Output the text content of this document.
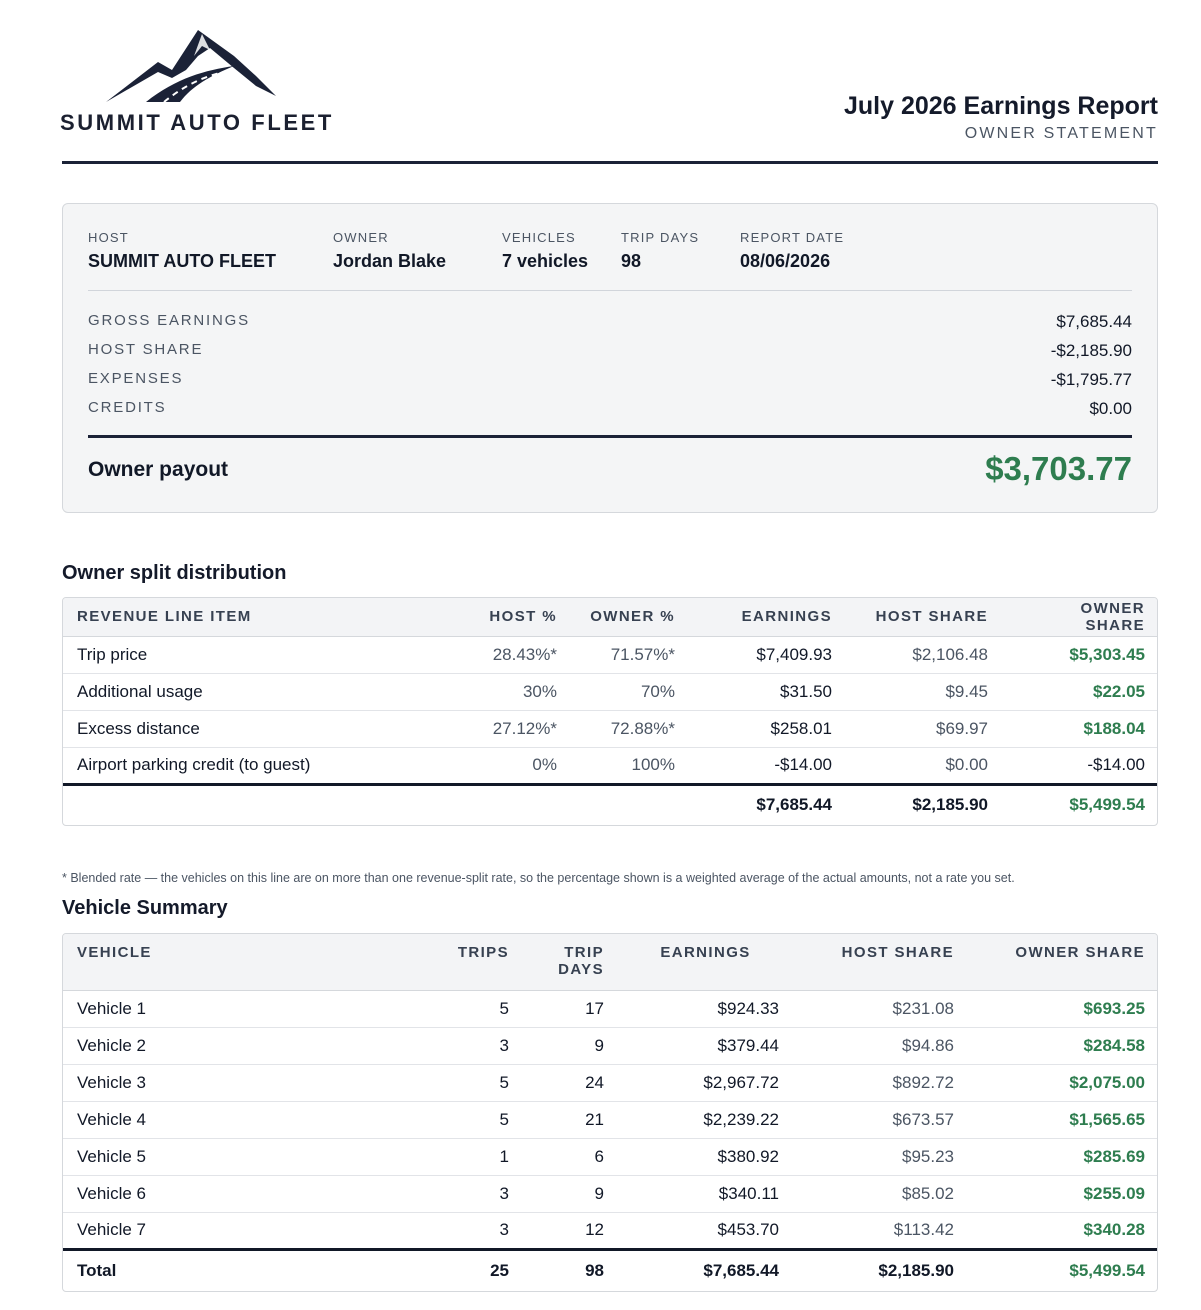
SUMMIT AUTO FLEET
July 2026 Earnings Report
OWNER STATEMENT
HOST
SUMMIT AUTO FLEET
OWNER
Jordan Blake
VEHICLES
7 vehicles
TRIP DAYS
98
REPORT DATE
08/06/2026
GROSS EARNINGS	$7,685.44
HOST SHARE	-$2,185.90
EXPENSES	-$1,795.77
CREDITS	$0.00
Owner payout	$3,703.77
Owner split distribution
REVENUE LINE ITEM	HOST %	OWNER %	EARNINGS	HOST SHARE	OWNER SHARE
Trip price	28.43%*	71.57%*	$7,409.93	$2,106.48	$5,303.45
Additional usage	30%	70%	$31.50	$9.45	$22.05
Excess distance	27.12%*	72.88%*	$258.01	$69.97	$188.04
Airport parking credit (to guest)	0%	100%	-$14.00	$0.00	-$14.00
			$7,685.44	$2,185.90	$5,499.54
* Blended rate — the vehicles on this line are on more than one revenue-split rate, so the percentage shown is a weighted average of the actual amounts, not a rate you set.
Vehicle Summary
VEHICLE	TRIPS	TRIP DAYS	EARNINGS	HOST SHARE	OWNER SHARE
Vehicle 1	5	17	$924.33	$231.08	$693.25
Vehicle 2	3	9	$379.44	$94.86	$284.58
Vehicle 3	5	24	$2,967.72	$892.72	$2,075.00
Vehicle 4	5	21	$2,239.22	$673.57	$1,565.65
Vehicle 5	1	6	$380.92	$95.23	$285.69
Vehicle 6	3	9	$340.11	$85.02	$255.09
Vehicle 7	3	12	$453.70	$113.42	$340.28
Total	25	98	$7,685.44	$2,185.90	$5,499.54
